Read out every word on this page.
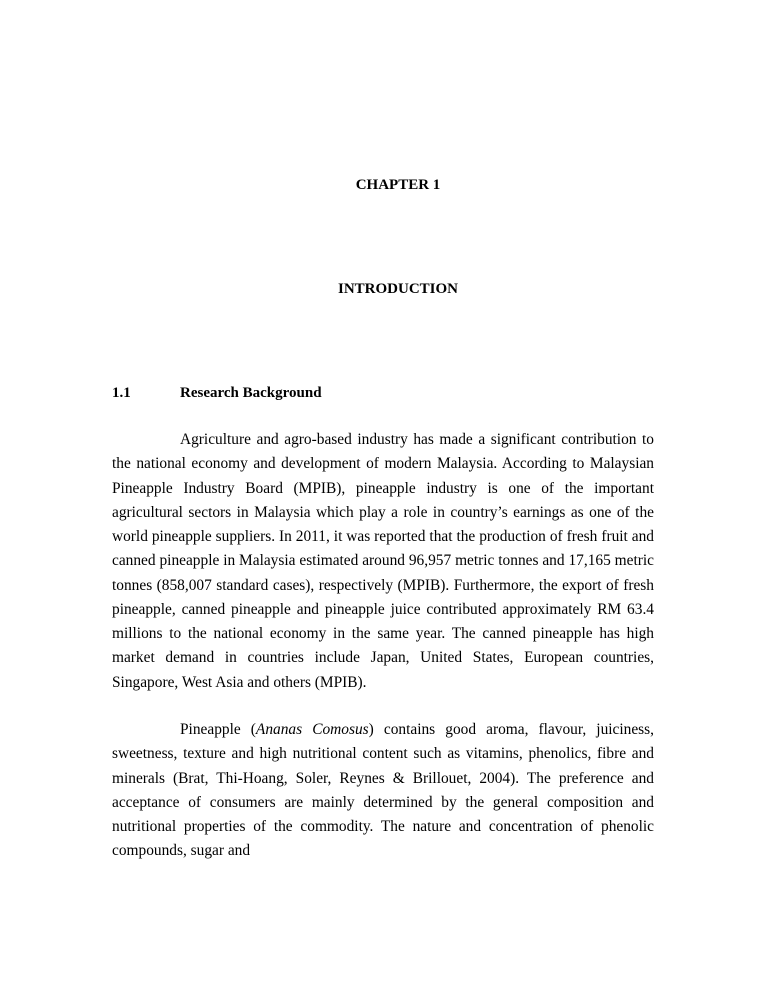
CHAPTER 1
INTRODUCTION
1.1	Research Background

Agriculture and agro-based industry has made a significant contribution to the national economy and development of modern Malaysia. According to Malaysian Pineapple Industry Board (MPIB), pineapple industry is one of the important agricultural sectors in Malaysia which play a role in country’s earnings as one of the world pineapple suppliers. In 2011, it was reported that the production of fresh fruit and canned pineapple in Malaysia estimated around 96,957 metric tonnes and 17,165 metric tonnes (858,007 standard cases), respectively (MPIB). Furthermore, the export of fresh pineapple, canned pineapple and pineapple juice contributed approximately RM 63.4 millions to the national economy in the same year. The canned pineapple has high market demand in countries include Japan, United States, European countries, Singapore, West Asia and others (MPIB).

Pineapple (Ananas Comosus) contains good aroma, flavour, juiciness, sweetness, texture and high nutritional content such as vitamins, phenolics, fibre and minerals (Brat, Thi-Hoang, Soler, Reynes & Brillouet, 2004). The preference and acceptance of consumers are mainly determined by the general composition and nutritional properties of the commodity. The nature and concentration of phenolic compounds, sugar and
